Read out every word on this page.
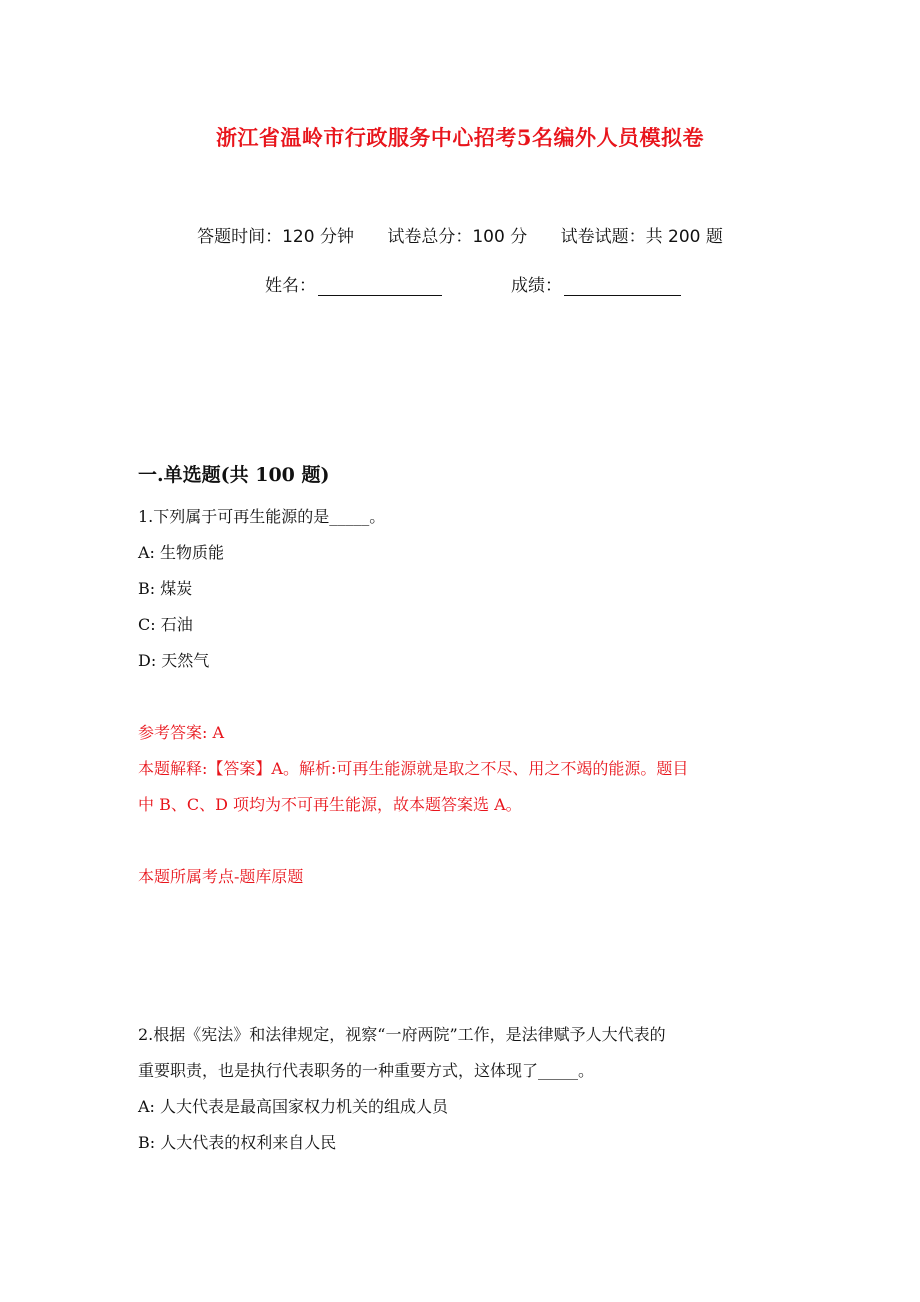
浙江省温岭市行政服务中心招考5名编外人员模拟卷
答题时间：120 分钟 试卷总分：100 分 试卷试题：共 200 题
姓名：	成绩：
一.单选题(共 100 题)
1.下列属于可再生能源的是_____。
A: 生物质能
B: 煤炭
C: 石油
D: 天然气
参考答案: A
本题解释:【答案】A。解析:可再生能源就是取之不尽、用之不竭的能源。题目
中 B、C、D 项均为不可再生能源，故本题答案选 A。
本题所属考点-题库原题
2.根据《宪法》和法律规定，视察“一府两院”工作，是法律赋予人大代表的
重要职责，也是执行代表职务的一种重要方式，这体现了_____。
A: 人大代表是最高国家权力机关的组成人员
B: 人大代表的权利来自人民
